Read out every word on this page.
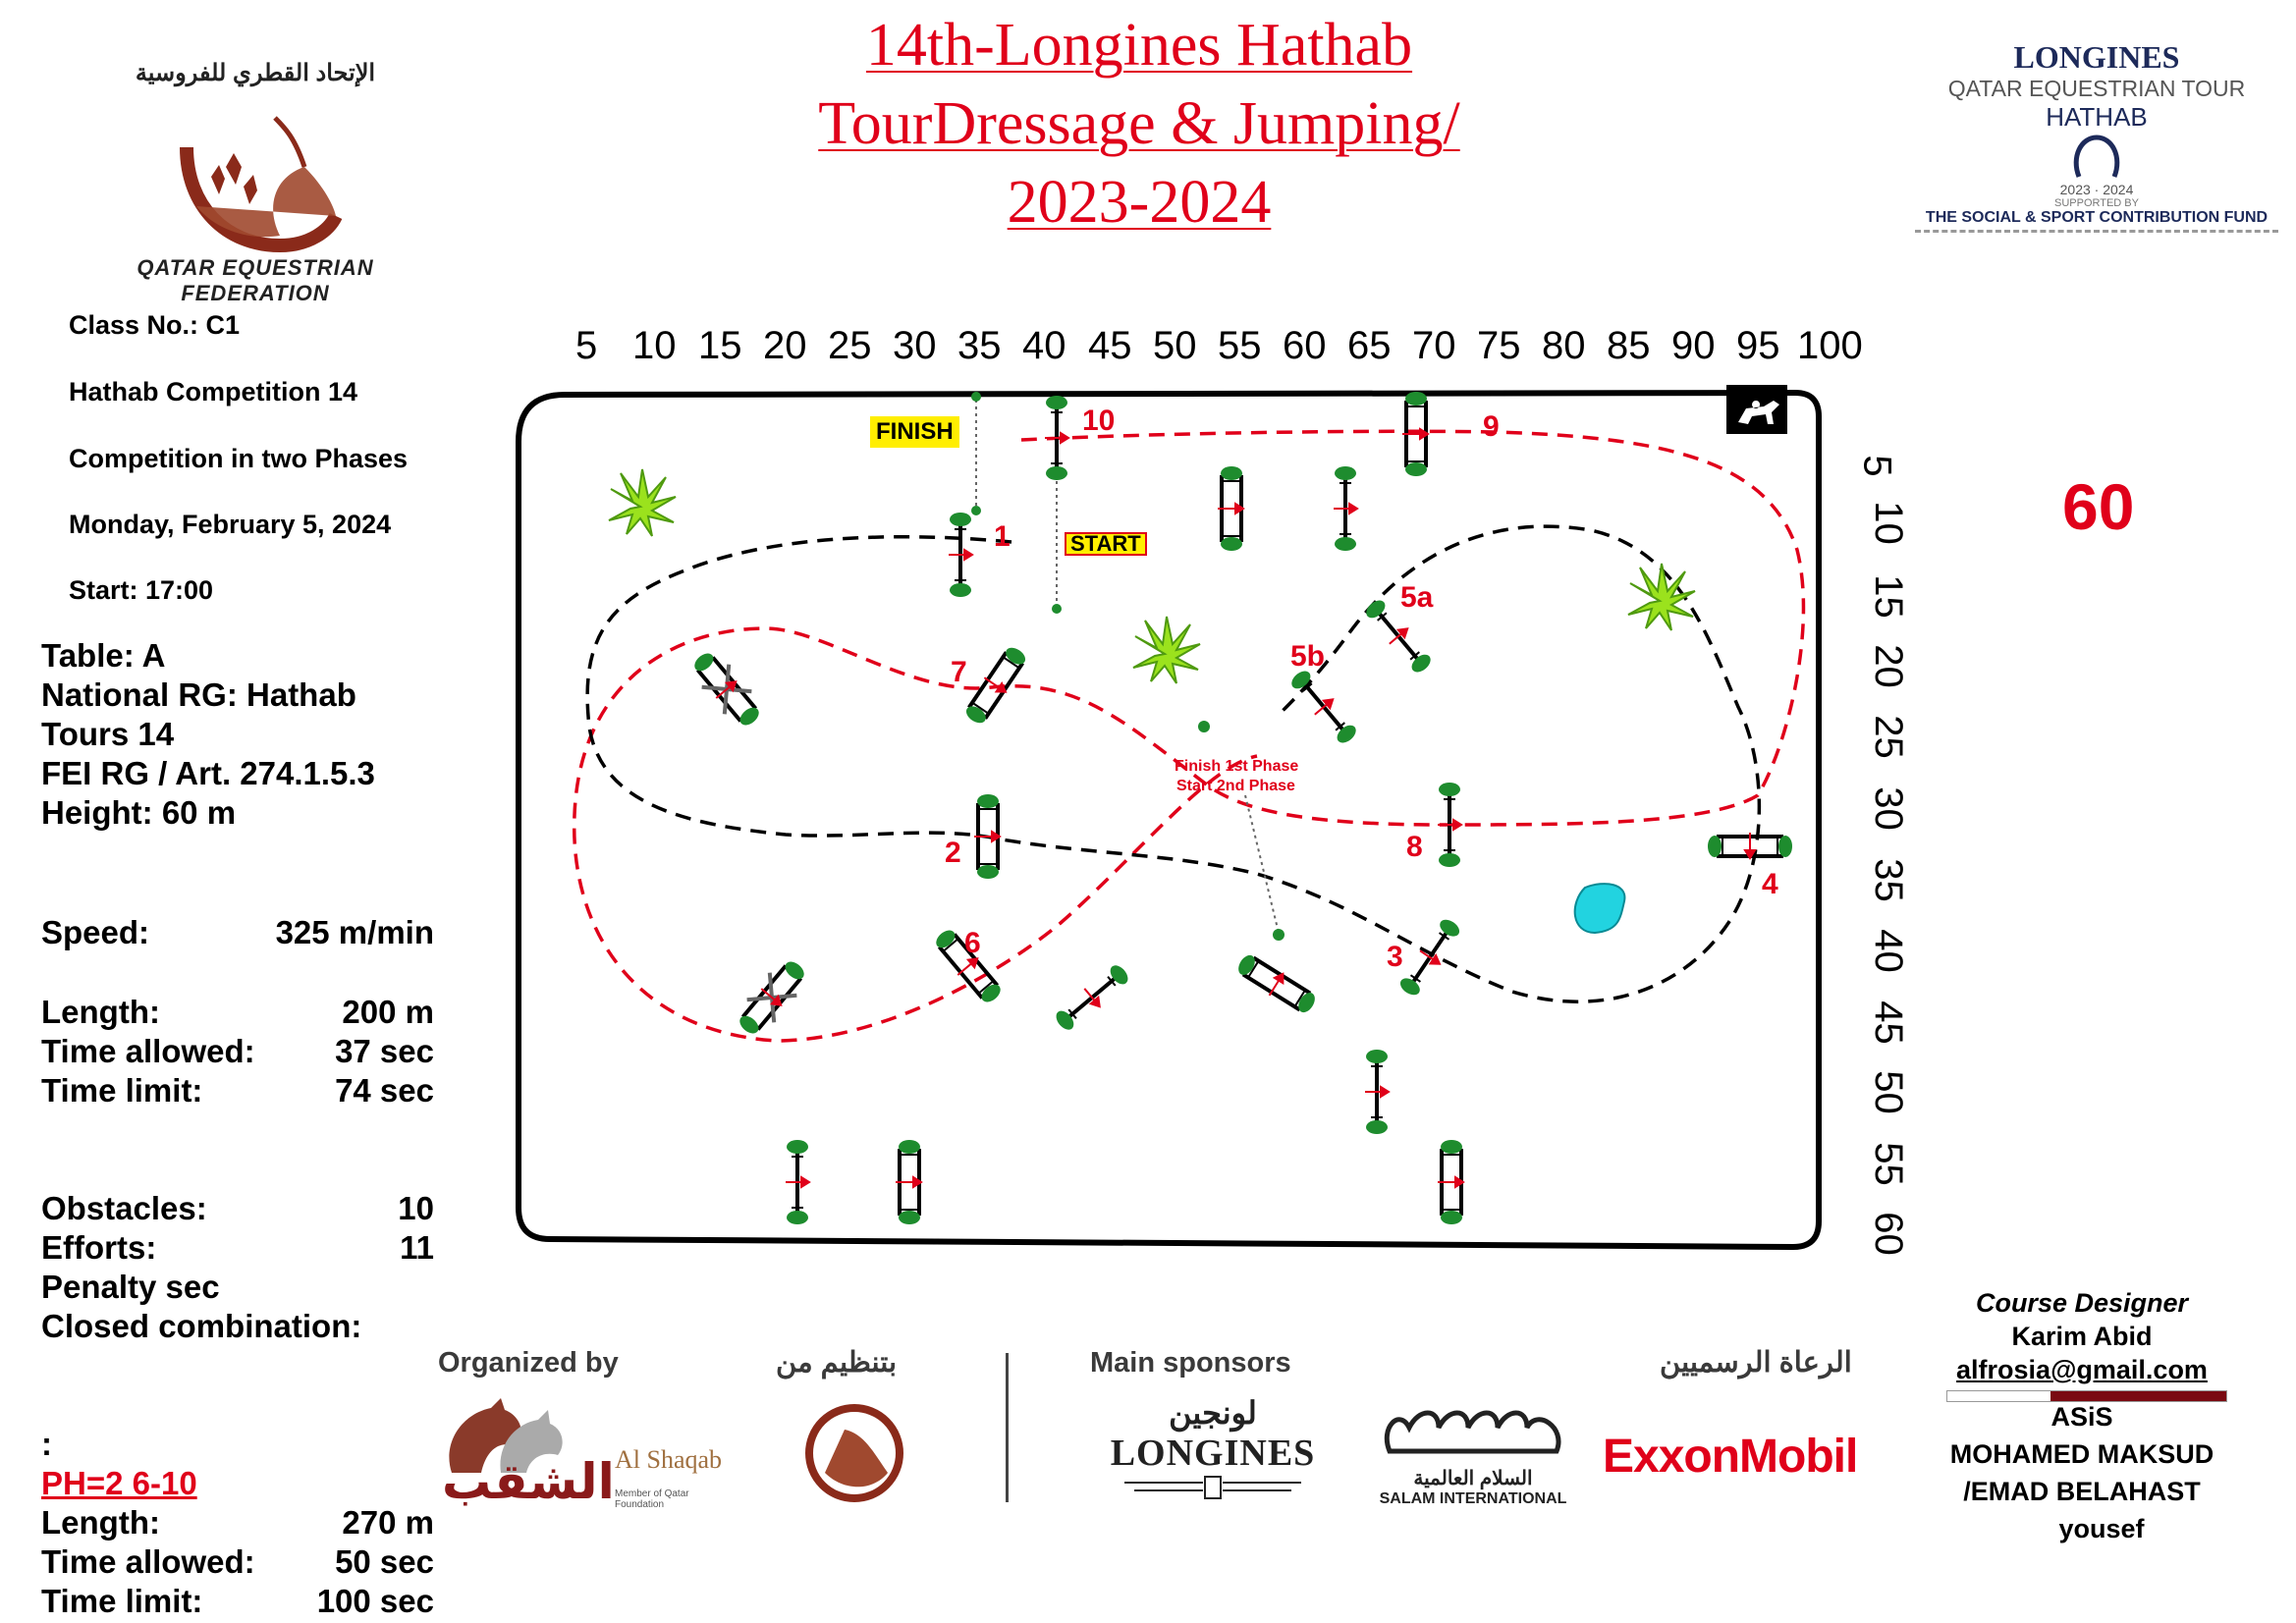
14th-Longines Hathab
TourDressage & Jumping/
2023-2024
الإتحاد القطري للفروسية
QATAR EQUESTRIAN FEDERATION
LONGINES
QATAR EQUESTRIAN TOUR
HATHAB
2023 · 2024
SUPPORTED BY
THE SOCIAL & SPORT CONTRIBUTION FUND
Class No.: C1
Hathab Competition 14
Competition in two Phases
Monday, February 5, 2024
Start: 17:00
Table: A
National RG: Hathab
Tours 14
FEI RG / Art. 274.1.5.3
Height: 60 m
Speed:	325 m/min
Length:	200 m
Time allowed: 37 sec
Time limit:	74 sec
Obstacles:	10
Efforts:	11
Penalty sec
Closed combination:
:
PH=2 6-10
Length:	270 m
Time allowed: 50 sec
Time limit:	100 sec
5 10 15 20 25 30 35 40 45 50 55 60 65 70 75 80 85 90 95 100
5
10
15
20
25
30
35
40
45
50
55
60
60
FINISH
START
Finish 1st Phase
Start 2nd Phase
1
2
3
4
5a
5b
6
7
8
9
10
Course Designer
Karim Abid
alfrosia@gmail.com
ASiS
MOHAMED MAKSUD
/EMAD BELAHAST
yousef
Organized by	بتنظيم من	Main sponsors	الرعاة الرسميين
الشقب Al Shaqab
Member of Qatar Foundation
لونجين
LONGINES
السلام العالمية
SALAM INTERNATIONAL
ExxonMobil
